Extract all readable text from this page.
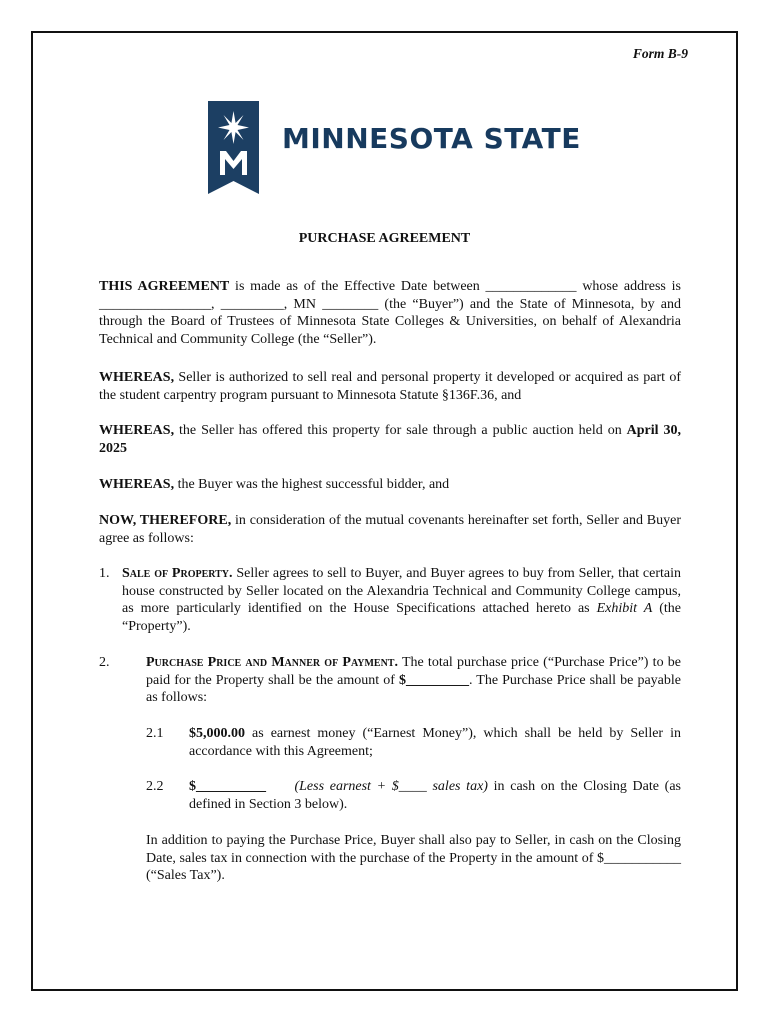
Form B-9
MINNESOTA STATE
PURCHASE AGREEMENT

THIS AGREEMENT is made as of the Effective Date between _____________ whose address is ________________, _________, MN ________ (the “Buyer”) and the State of Minnesota, by and through the Board of Trustees of Minnesota State Colleges & Universities, on behalf of Alexandria Technical and Community College (the “Seller”).

WHEREAS, Seller is authorized to sell real and personal property it developed or acquired as part of the student carpentry program pursuant to Minnesota Statute §136F.36, and

WHEREAS, the Seller has offered this property for sale through a public auction held on April 30, 2025

WHEREAS, the Buyer was the highest successful bidder, and

NOW, THEREFORE, in consideration of the mutual covenants hereinafter set forth, Seller and Buyer agree as follows:

1. Sale of Property. Seller agrees to sell to Buyer, and Buyer agrees to buy from Seller, that certain house constructed by Seller located on the Alexandria Technical and Community College campus, as more particularly identified on the House Specifications attached hereto as Exhibit A (the “Property”).

2.	Purchase Price and Manner of Payment. The total purchase price (“Purchase Price”) to be paid for the Property shall be the amount of $_________. The Purchase Price shall be payable as follows:

2.1 $5,000.00 as earnest money (“Earnest Money”), which shall be held by Seller in accordance with this Agreement;

2.2 $__________ (Less earnest + $____ sales tax) in cash on the Closing Date (as defined in Section 3 below).

In addition to paying the Purchase Price, Buyer shall also pay to Seller, in cash on the Closing Date, sales tax in connection with the purchase of the Property in the amount of $___________ (“Sales Tax”).
